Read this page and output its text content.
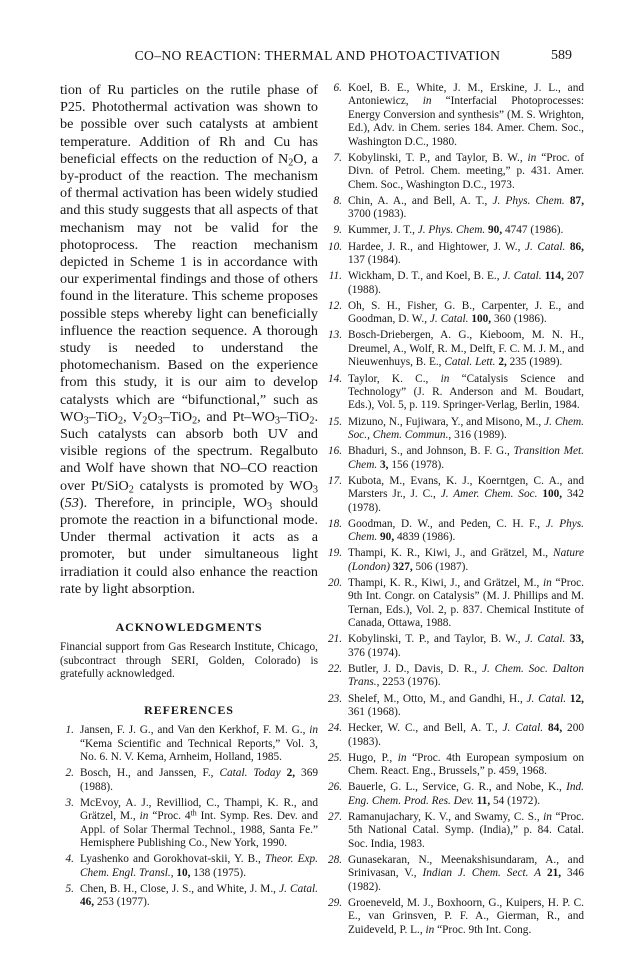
CO–NO REACTION: THERMAL AND PHOTOACTIVATION	589

tion of Ru particles on the rutile phase of P25. Photothermal activation was shown to be possible over such catalysts at ambient temperature. Addition of Rh and Cu has beneficial effects on the reduction of $N_2O$, a by-product of the reaction. The mechanism of thermal activation has been widely studied and this study suggests that all aspects of that mechanism may not be valid for the photoprocess. The reaction mechanism depicted in Scheme 1 is in accordance with our experimental findings and those of others found in the literature. This scheme proposes possible steps whereby light can beneficially influence the reaction sequence. A thorough study is needed to understand the photomechanism. Based on the experience from this study, it is our aim to develop catalysts which are “bifunctional,” such as $WO_3-TiO_2$, $V_2O_3-TiO_2$, and $Pt-WO_3-TiO_2$. Such catalysts can absorb both UV and visible regions of the spectrum. Regalbuto and Wolf have shown that NO–CO reaction over Pt/SiO$_2$ catalysts is promoted by $WO_3$ (53). Therefore, in principle, $WO_3$ should promote the reaction in a bifunctional mode. Under thermal activation it acts as a promoter, but under simultaneous light irradiation it could also enhance the reaction rate by light absorption.

ACKNOWLEDGMENTS

Financial support from Gas Research Institute, Chicago, (subcontract through SERI, Golden, Colorado) is gratefully acknowledged.

REFERENCES
1. Jansen, F. J. G., and Van den Kerkhof, F. M. G., in “Kema Scientific and Technical Reports,” Vol. 3, No. 6. N. V. Kema, Arnheim, Holland, 1985.
2. Bosch, H., and Janssen, F., Catal. Today 2, 369 (1988).
3. McEvoy, A. J., Revilliod, C., Thampi, K. R., and Grätzel, M., in “Proc. 4th Int. Symp. Res. Dev. and Appl. of Solar Thermal Technol., 1988, Santa Fe.” Hemisphere Publishing Co., New York, 1990.
4. Lyashenko and Gorokhovat-skii, Y. B., Theor. Exp. Chem. Engl. Transl., 10, 138 (1975).
5. Chen, B. H., Close, J. S., and White, J. M., J. Catal. 46, 253 (1977).
6. Koel, B. E., White, J. M., Erskine, J. L., and Antoniewicz, in “Interfacial Photoprocesses: Energy Conversion and synthesis” (M. S. Wrighton, Ed.), Adv. in Chem. series 184. Amer. Chem. Soc., Washington D.C., 1980.
7. Kobylinski, T. P., and Taylor, B. W., in “Proc. of Divn. of Petrol. Chem. meeting,” p. 431. Amer. Chem. Soc., Washington D.C., 1973.
8. Chin, A. A., and Bell, A. T., J. Phys. Chem. 87, 3700 (1983).
9. Kummer, J. T., J. Phys. Chem. 90, 4747 (1986).
10. Hardee, J. R., and Hightower, J. W., J. Catal. 86, 137 (1984).
11. Wickham, D. T., and Koel, B. E., J. Catal. 114, 207 (1988).
12. Oh, S. H., Fisher, G. B., Carpenter, J. E., and Goodman, D. W., J. Catal. 100, 360 (1986).
13. Bosch-Driebergen, A. G., Kieboom, M. N. H., Dreumel, A., Wolf, R. M., Delft, F. C. M. J. M., and Nieuwenhuys, B. E., Catal. Lett. 2, 235 (1989).
14. Taylor, K. C., in “Catalysis Science and Technology” (J. R. Anderson and M. Boudart, Eds.), Vol. 5, p. 119. Springer-Verlag, Berlin, 1984.
15. Mizuno, N., Fujiwara, Y., and Misono, M., J. Chem. Soc., Chem. Commun., 316 (1989).
16. Bhaduri, S., and Johnson, B. F. G., Transition Met. Chem. 3, 156 (1978).
17. Kubota, M., Evans, K. J., Koerntgen, C. A., and Marsters Jr., J. C., J. Amer. Chem. Soc. 100, 342 (1978).
18. Goodman, D. W., and Peden, C. H. F., J. Phys. Chem. 90, 4839 (1986).
19. Thampi, K. R., Kiwi, J., and Grätzel, M., Nature (London) 327, 506 (1987).
20. Thampi, K. R., Kiwi, J., and Grätzel, M., in “Proc. 9th Int. Congr. on Catalysis” (M. J. Phillips and M. Ternan, Eds.), Vol. 2, p. 837. Chemical Institute of Canada, Ottawa, 1988.
21. Kobylinski, T. P., and Taylor, B. W., J. Catal. 33, 376 (1974).
22. Butler, J. D., Davis, D. R., J. Chem. Soc. Dalton Trans., 2253 (1976).
23. Shelef, M., Otto, M., and Gandhi, H., J. Catal. 12, 361 (1968).
24. Hecker, W. C., and Bell, A. T., J. Catal. 84, 200 (1983).
25. Hugo, P., in “Proc. 4th European symposium on Chem. React. Eng., Brussels,” p. 459, 1968.
26. Bauerle, G. L., Service, G. R., and Nobe, K., Ind. Eng. Chem. Prod. Res. Dev. 11, 54 (1972).
27. Ramanujachary, K. V., and Swamy, C. S., in “Proc. 5th National Catal. Symp. (India),” p. 84. Catal. Soc. India, 1983.
28. Gunasekaran, N., Meenakshisundaram, A., and Srinivasan, V., Indian J. Chem. Sect. A 21, 346 (1982).
29. Groeneveld, M. J., Boxhoorn, G., Kuipers, H. P. C. E., van Grinsven, P. F. A., Gierman, R., and Zuideveld, P. L., in “Proc. 9th Int. Cong.
